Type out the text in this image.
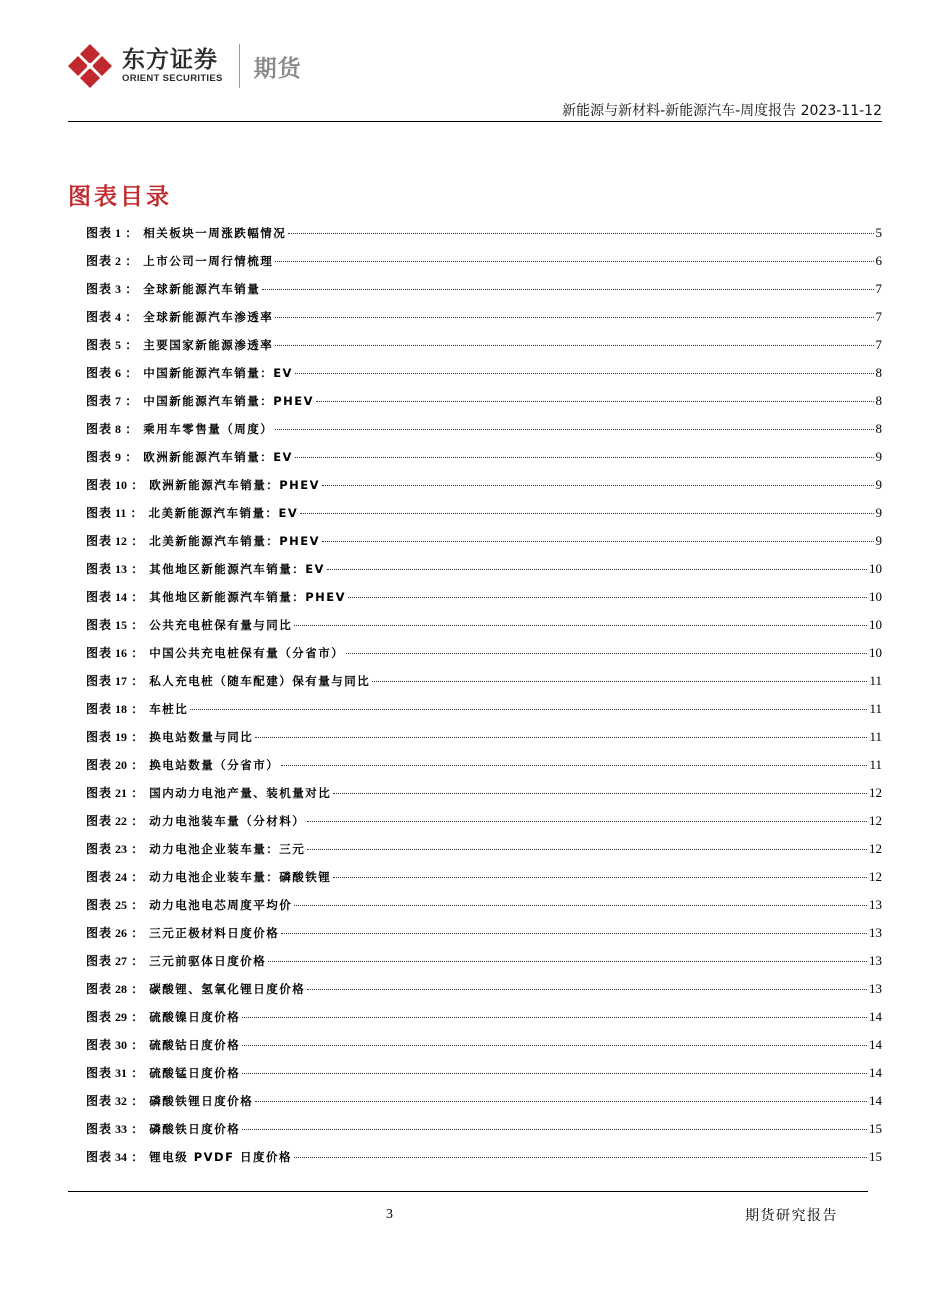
东方证券
ORIENT SECURITIES 期货
新能源与新材料-新能源汽车-周度报告 2023-11-12
图表目录
图表
1 ： 相关板块一周涨跌幅情况	5
图表
2 ： 上市公司一周行情梳理	6
图表
3 ： 全球新能源汽车销量	7
图表
4 ： 全球新能源汽车渗透率	7
图表
5 ： 主要国家新能源渗透率	7
图表
6 ： 中国新能源汽车销量：EV	8
图表
7 ： 中国新能源汽车销量：PHEV	8
图表
8 ： 乘用车零售量（周度）	8
图表
9 ： 欧洲新能源汽车销量：EV	9
图表
10 ： 欧洲新能源汽车销量：PHEV	9
图表
11 ： 北美新能源汽车销量：EV	9
图表
12 ： 北美新能源汽车销量：PHEV	9
图表
13 ： 其他地区新能源汽车销量：EV	10
图表
14 ： 其他地区新能源汽车销量：PHEV	10
图表
15 ： 公共充电桩保有量与同比	10
图表
16 ： 中国公共充电桩保有量（分省市）	10
图表
17 ： 私人充电桩（随车配建）保有量与同比	11
图表
18 ： 车桩比	11
图表
19 ： 换电站数量与同比	11
图表
20 ： 换电站数量（分省市）	11
图表
21 ： 国内动力电池产量、装机量对比	12
图表
22 ： 动力电池装车量（分材料）	12
图表
23 ： 动力电池企业装车量：三元	12
图表
24 ： 动力电池企业装车量：磷酸铁锂	12
图表
25 ： 动力电池电芯周度平均价	13
图表
26 ： 三元正极材料日度价格	13
图表
27 ： 三元前驱体日度价格	13
图表
28 ： 碳酸锂、氢氧化锂日度价格	13
图表
29 ： 硫酸镍日度价格	14
图表
30 ： 硫酸钴日度价格	14
图表
31 ： 硫酸锰日度价格	14
图表
32 ： 磷酸铁锂日度价格	14
图表
33 ： 磷酸铁日度价格	15
图表
34 ： 锂电级 PVDF 日度价格	15
3	期货研究报告
